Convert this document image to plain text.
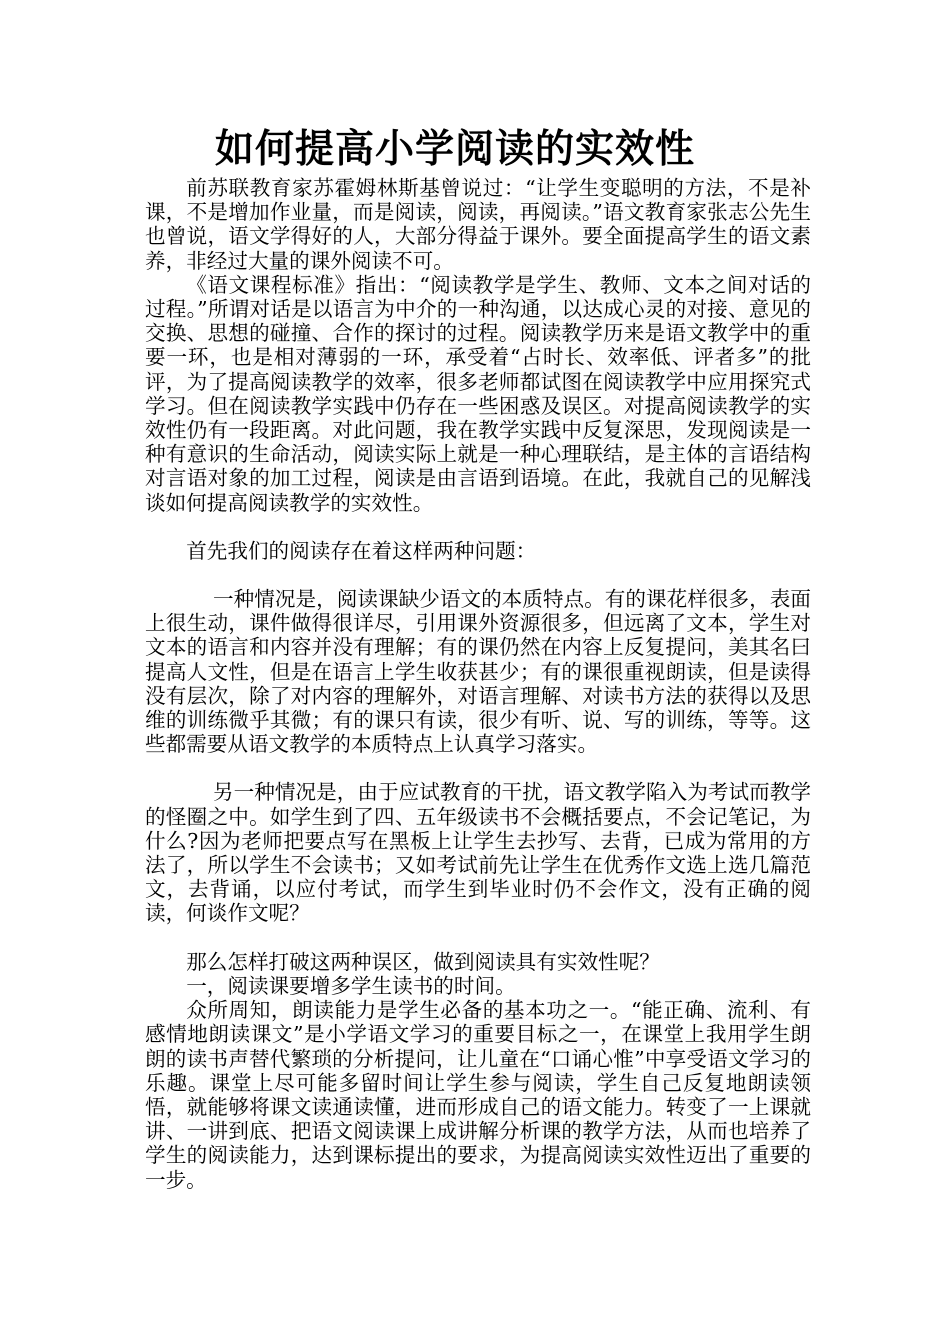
如何提高小学阅读的实效性

前苏联教育家苏霍姆林斯基曾说过：“让学生变聪明的方法，不是补课，不是增加作业量，而是阅读，阅读，再阅读。”语文教育家张志公先生也曾说，语文学得好的人，大部分得益于课外。要全面提高学生的语文素养，非经过大量的课外阅读不可。

《语文课程标准》指出：“阅读教学是学生、教师、文本之间对话的过程。”所谓对话是以语言为中介的一种沟通，以达成心灵的对接、意见的交换、思想的碰撞、合作的探讨的过程。阅读教学历来是语文教学中的重要一环，也是相对薄弱的一环，承受着“占时长、效率低、评者多”的批评，为了提高阅读教学的效率，很多老师都试图在阅读教学中应用探究式学习。但在阅读教学实践中仍存在一些困惑及误区。对提高阅读教学的实效性仍有一段距离。对此问题，我在教学实践中反复深思，发现阅读是一种有意识的生命活动，阅读实际上就是一种心理联结，是主体的言语结构对言语对象的加工过程，阅读是由言语到语境。在此，我就自己的见解浅谈如何提高阅读教学的实效性。

首先我们的阅读存在着这样两种问题：

一种情况是，阅读课缺少语文的本质特点。有的课花样很多，表面上很生动，课件做得很详尽，引用课外资源很多，但远离了文本，学生对文本的语言和内容并没有理解；有的课仍然在内容上反复提问，美其名曰提高人文性，但是在语言上学生收获甚少；有的课很重视朗读，但是读得没有层次，除了对内容的理解外，对语言理解、对读书方法的获得以及思维的训练微乎其微；有的课只有读，很少有听、说、写的训练，等等。这些都需要从语文教学的本质特点上认真学习落实。

另一种情况是，由于应试教育的干扰，语文教学陷入为考试而教学的怪圈之中。如学生到了四、五年级读书不会概括要点，不会记笔记，为什么?因为老师把要点写在黑板上让学生去抄写、去背，已成为常用的方法了，所以学生不会读书；又如考试前先让学生在优秀作文选上选几篇范文，去背诵，以应付考试，而学生到毕业时仍不会作文，没有正确的阅读，何谈作文呢？

那么怎样打破这两种误区，做到阅读具有实效性呢？

一，阅读课要增多学生读书的时间。

众所周知，朗读能力是学生必备的基本功之一。“能正确、流利、有感情地朗读课文”是小学语文学习的重要目标之一，在课堂上我用学生朗朗的读书声替代繁琐的分析提问，让儿童在“口诵心惟”中享受语文学习的乐趣。课堂上尽可能多留时间让学生参与阅读，学生自己反复地朗读领悟，就能够将课文读通读懂，进而形成自己的语文能力。转变了一上课就讲、一讲到底、把语文阅读课上成讲解分析课的教学方法，从而也培养了学生的阅读能力，达到课标提出的要求，为提高阅读实效性迈出了重要的一步。
